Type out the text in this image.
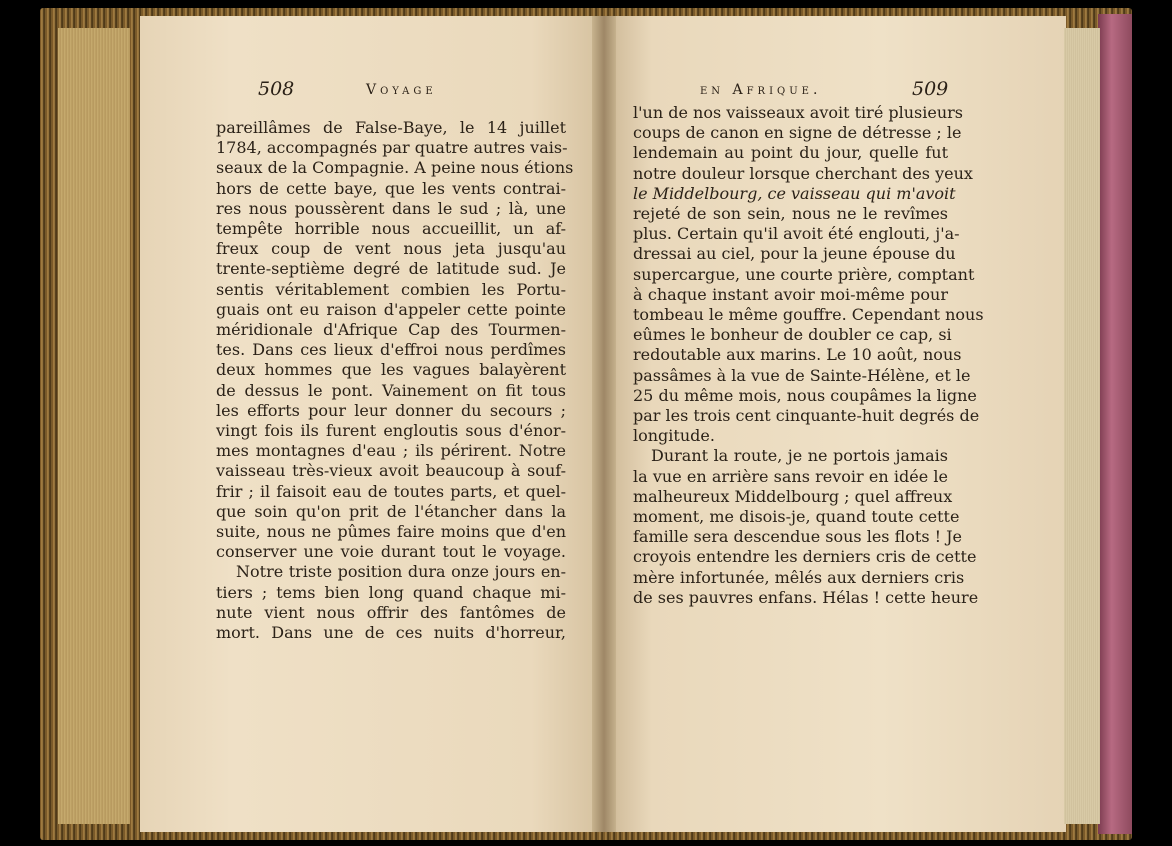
508	Voyage	en Afrique.	509
pareillâmes de False-Baye, le 14 juillet
1784, accompagnés par quatre autres vais-
seaux de la Compagnie. A peine nous étions
hors de cette baye, que les vents contrai-
res nous poussèrent dans le sud ; là, une
tempête horrible nous accueillit, un af-
freux coup de vent nous jeta jusqu'au
trente-septième degré de latitude sud. Je
sentis véritablement combien les Portu-
guais ont eu raison d'appeler cette pointe
méridionale d'Afrique Cap des Tourmen-
tes. Dans ces lieux d'effroi nous perdîmes
deux hommes que les vagues balayèrent
de dessus le pont. Vainement on fit tous
les efforts pour leur donner du secours ;
vingt fois ils furent engloutis sous d'énor-
mes montagnes d'eau ; ils périrent. Notre
vaisseau très-vieux avoit beaucoup à souf-
frir ; il faisoit eau de toutes parts, et quel-
que soin qu'on prit de l'étancher dans la
suite, nous ne pûmes faire moins que d'en
conserver une voie durant tout le voyage.
Notre triste position dura onze jours en-
tiers ; tems bien long quand chaque mi-
nute vient nous offrir des fantômes de
mort. Dans une de ces nuits d'horreur,
l'un de nos vaisseaux avoit tiré plusieurs
coups de canon en signe de détresse ; le
lendemain au point du jour, quelle fut
notre douleur lorsque cherchant des yeux
le Middelbourg, ce vaisseau qui m'avoit
rejeté de son sein, nous ne le revîmes
plus. Certain qu'il avoit été englouti, j'a-
dressai au ciel, pour la jeune épouse du
supercargue, une courte prière, comptant
à chaque instant avoir moi-même pour
tombeau le même gouffre. Cependant nous
eûmes le bonheur de doubler ce cap, si
redoutable aux marins. Le 10 août, nous
passâmes à la vue de Sainte-Hélène, et le
25 du même mois, nous coupâmes la ligne
par les trois cent cinquante-huit degrés de
longitude.
Durant la route, je ne portois jamais
la vue en arrière sans revoir en idée le
malheureux Middelbourg ; quel affreux
moment, me disois-je, quand toute cette
famille sera descendue sous les flots ! Je
croyois entendre les derniers cris de cette
mère infortunée, mêlés aux derniers cris
de ses pauvres enfans. Hélas ! cette heure
